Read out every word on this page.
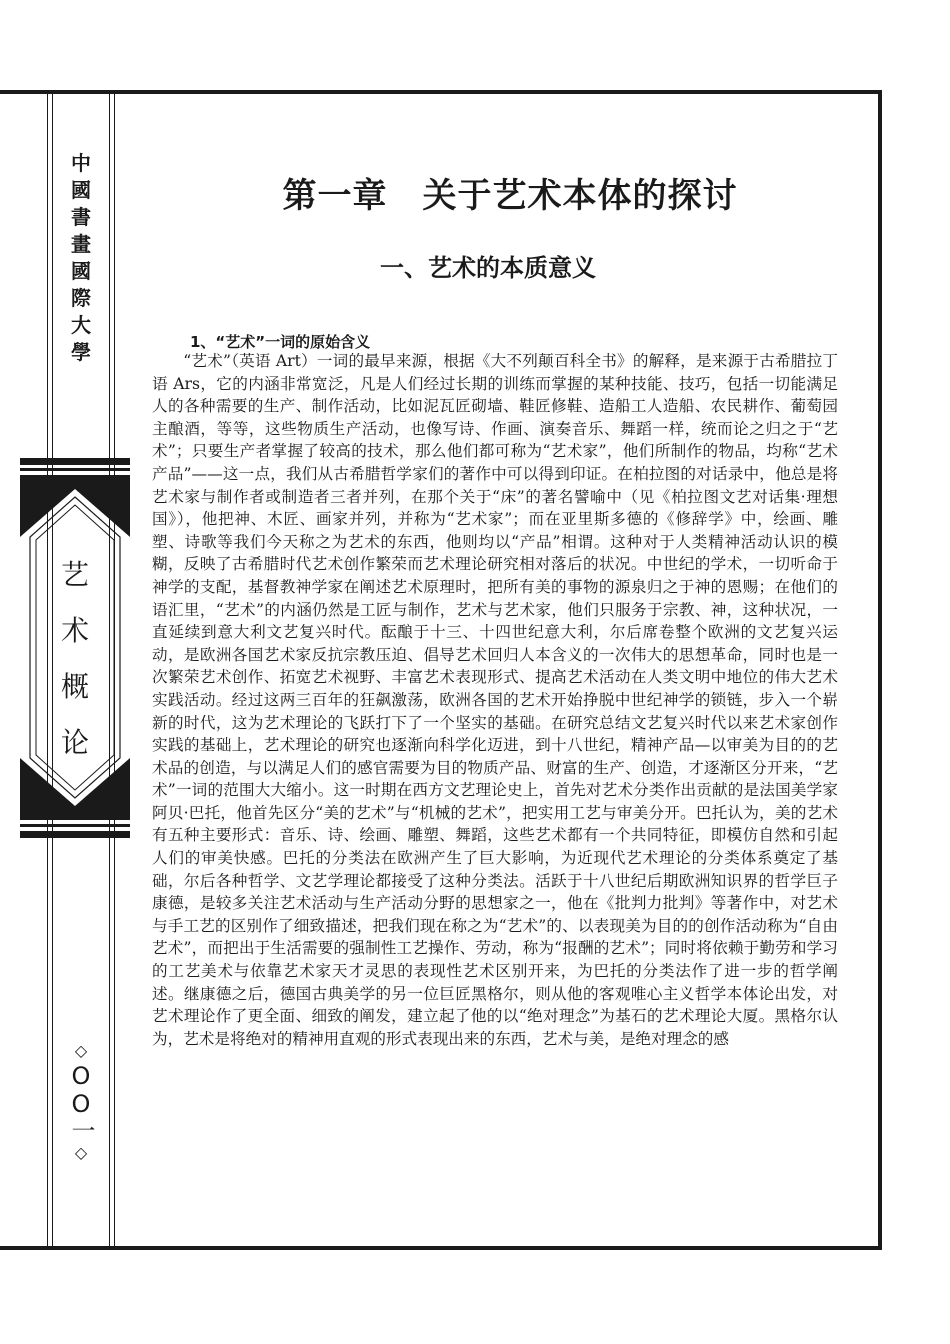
中
國
書
畫
國
際
大
學
艺
术
概
论
◇
OO一
◇
第一章　关于艺术本体的探讨
一、艺术的本质意义
1、“艺术”一词的原始含义

“艺术”（英语 Art）一词的最早来源，根据《大不列颠百科全书》的解释，是来源于古希腊拉丁语 Ars，它的内涵非常宽泛，凡是人们经过长期的训练而掌握的某种技能、技巧，包括一切能满足人的各种需要的生产、制作活动，比如泥瓦匠砌墙、鞋匠修鞋、造船工人造船、农民耕作、葡萄园主酿酒，等等，这些物质生产活动，也像写诗、作画、演奏音乐、舞蹈一样，统而论之归之于“艺术”；只要生产者掌握了较高的技术，那么他们都可称为“艺术家”，他们所制作的物品，均称“艺术产品”——这一点，我们从古希腊哲学家们的著作中可以得到印证。在柏拉图的对话录中，他总是将艺术家与制作者或制造者三者并列，在那个关于“床”的著名譬喻中（见《柏拉图文艺对话集·理想国》），他把神、木匠、画家并列，并称为“艺术家”；而在亚里斯多德的《修辞学》中，绘画、雕塑、诗歌等我们今天称之为艺术的东西，他则均以“产品”相谓。这种对于人类精神活动认识的模糊，反映了古希腊时代艺术创作繁荣而艺术理论研究相对落后的状况。中世纪的学术，一切听命于神学的支配，基督教神学家在阐述艺术原理时，把所有美的事物的源泉归之于神的恩赐；在他们的语汇里，“艺术”的内涵仍然是工匠与制作，艺术与艺术家，他们只服务于宗教、神，这种状况，一直延续到意大利文艺复兴时代。酝酿于十三、十四世纪意大利，尔后席卷整个欧洲的文艺复兴运动，是欧洲各国艺术家反抗宗教压迫、倡导艺术回归人本含义的一次伟大的思想革命，同时也是一次繁荣艺术创作、拓宽艺术视野、丰富艺术表现形式、提高艺术活动在人类文明中地位的伟大艺术实践活动。经过这两三百年的狂飙激荡，欧洲各国的艺术开始挣脱中世纪神学的锁链，步入一个崭新的时代，这为艺术理论的飞跃打下了一个坚实的基础。在研究总结文艺复兴时代以来艺术家创作实践的基础上，艺术理论的研究也逐渐向科学化迈进，到十八世纪，精神产品—以审美为目的的艺术品的创造，与以满足人们的感官需要为目的物质产品、财富的生产、创造，才逐渐区分开来，“艺术”一词的范围大大缩小。这一时期在西方文艺理论史上，首先对艺术分类作出贡献的是法国美学家阿贝·巴托，他首先区分“美的艺术”与“机械的艺术”，把实用工艺与审美分开。巴托认为，美的艺术有五种主要形式：音乐、诗、绘画、雕塑、舞蹈，这些艺术都有一个共同特征，即模仿自然和引起人们的审美快感。巴托的分类法在欧洲产生了巨大影响，为近现代艺术理论的分类体系奠定了基础，尔后各种哲学、文艺学理论都接受了这种分类法。活跃于十八世纪后期欧洲知识界的哲学巨子康德，是较多关注艺术活动与生产活动分野的思想家之一，他在《批判力批判》等著作中，对艺术与手工艺的区别作了细致描述，把我们现在称之为“艺术”的、以表现美为目的的创作活动称为“自由艺术”，而把出于生活需要的强制性工艺操作、劳动，称为“报酬的艺术”；同时将依赖于勤劳和学习的工艺美术与依靠艺术家天才灵思的表现性艺术区别开来，为巴托的分类法作了进一步的哲学阐述。继康德之后，德国古典美学的另一位巨匠黑格尔，则从他的客观唯心主义哲学本体论出发，对艺术理论作了更全面、细致的阐发，建立起了他的以“绝对理念”为基石的艺术理论大厦。黑格尔认为，艺术是将绝对的精神用直观的形式表现出来的东西，艺术与美，是绝对理念的感
